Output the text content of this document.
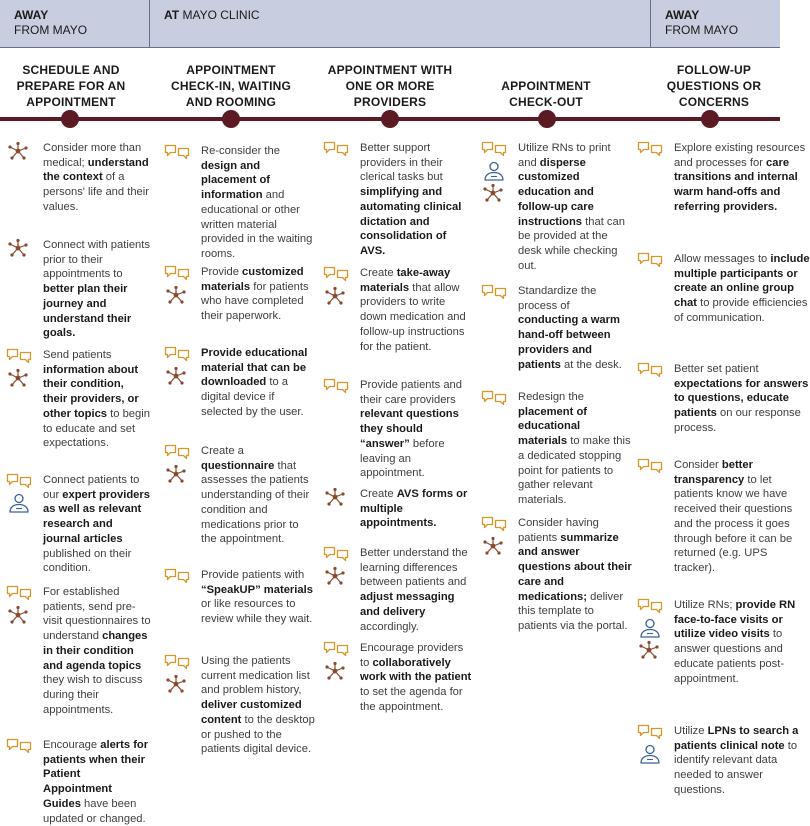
AWAY
FROM MAYO
AT MAYO CLINIC	AWAY
FROM MAYO
SCHEDULE AND PREPARE FOR AN APPOINTMENT
APPOINTMENT CHECK-IN, WAITING AND ROOMING
APPOINTMENT WITH ONE OR MORE PROVIDERS
APPOINTMENT CHECK-OUT
FOLLOW-UP QUESTIONS OR CONCERNS
Consider more than medical; understand the context of a persons' life and their values.
Connect with patients prior to their appointments to better plan their journey and understand their goals.
Send patients information about their condition, their providers, or other topics to begin to educate and set expectations.
Connect patients to our expert providers as well as relevant research and journal articles published on their condition.
For established patients, send pre-visit questionnaires to understand changes in their condition and agenda topics they wish to discuss during their appointments.
Encourage alerts for patients when their Patient Appointment Guides have been updated or changed.
Re-consider the design and placement of information and educational or other written material provided in the waiting rooms.
Provide customized materials for patients who have completed their paperwork.
Provide educational material that can be downloaded to a digital device if selected by the user.
Create a questionnaire that assesses the patients understanding of their condition and medications prior to the appointment.
Provide patients with “SpeakUP” materials or like resources to review while they wait.
Using the patients current medication list and problem history, deliver customized content to the desktop or pushed to the patients digital device.
Better support providers in their clerical tasks but simplifying and automating clinical dictation and consolidation of AVS.
Create take-away materials that allow providers to write down medication and follow-up instructions for the patient.
Provide patients and their care providers relevant questions they should “answer” before leaving an appointment.
Create AVS forms or multiple appointments.
Better understand the learning differences between patients and adjust messaging and delivery accordingly.
Encourage providers to collaboratively work with the patient to set the agenda for the appointment.
Utilize RNs to print and disperse customized education and follow-up care instructions that can be provided at the desk while checking out.
Standardize the process of conducting a warm hand-off between providers and patients at the desk.
Redesign the placement of educational materials to make this a dedicated stopping point for patients to gather relevant materials.
Consider having patients summarize and answer questions about their care and medications; deliver this template to patients via the portal.
Explore existing resources and processes for care transitions and internal warm hand-offs and referring providers.
Allow messages to include multiple participants or create an online group chat to provide efficiencies of communication.
Better set patient expectations for answers to questions, educate patients on our response process.
Consider better transparency to let patients know we have received their questions and the process it goes through before it can be returned (e.g. UPS tracker).
Utilize RNs; provide RN face-to-face visits or utilize video visits to answer questions and educate patients post-appointment.
Utilize LPNs to search a patients clinical note to identify relevant data needed to answer questions.
